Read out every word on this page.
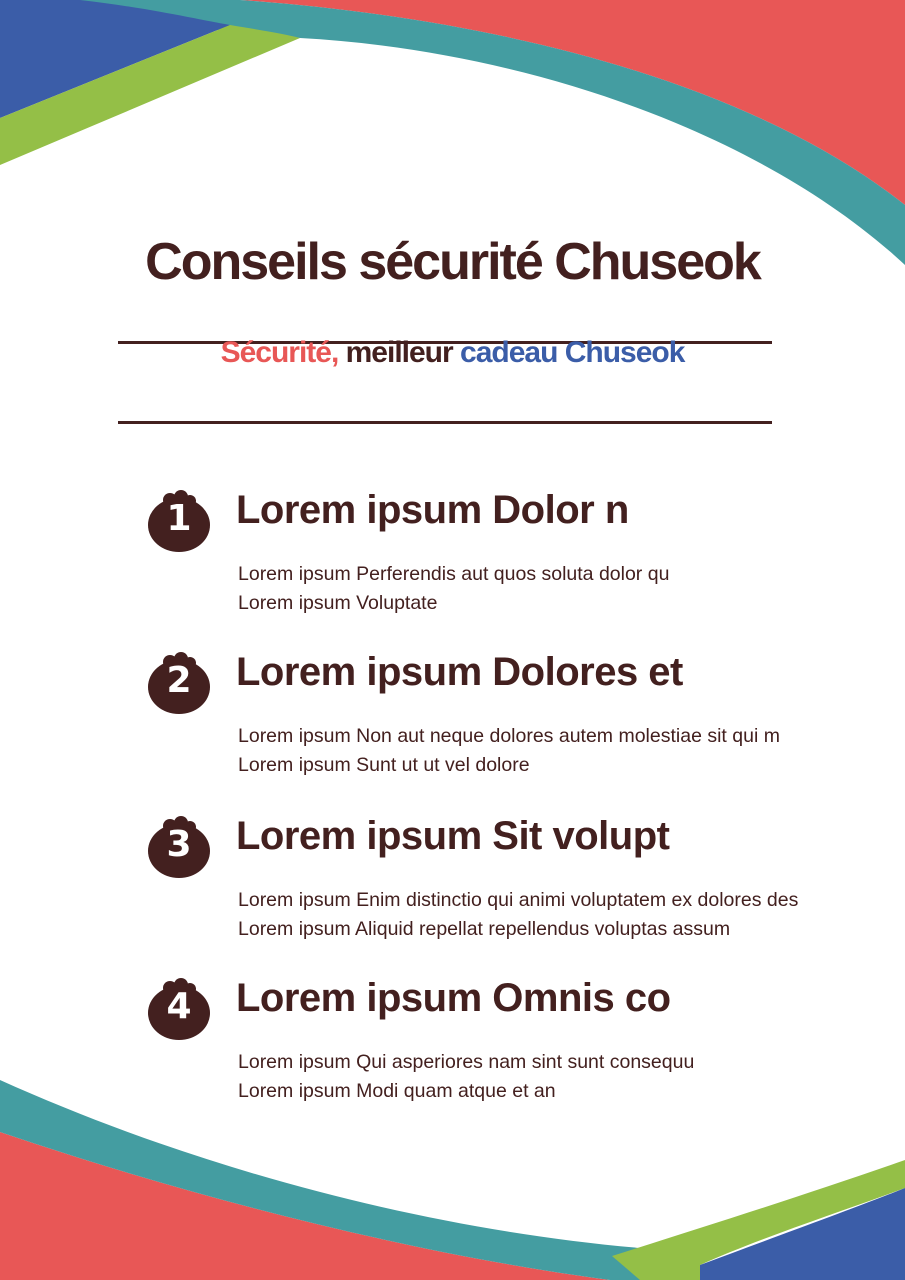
Conseils sécurité Chuseok
Sécurité, meilleur cadeau Chuseok
1	Lorem ipsum Dolor n
Lorem ipsum Perferendis aut quos soluta dolor qu
Lorem ipsum Voluptate
2	Lorem ipsum Dolores et
Lorem ipsum Non aut neque dolores autem molestiae sit qui m
Lorem ipsum Sunt ut ut vel dolore
3	Lorem ipsum Sit volupt
Lorem ipsum Enim distinctio qui animi voluptatem ex dolores des
Lorem ipsum Aliquid repellat repellendus voluptas assum
4	Lorem ipsum Omnis co
Lorem ipsum Qui asperiores nam sint sunt consequu
Lorem ipsum Modi quam atque et an
